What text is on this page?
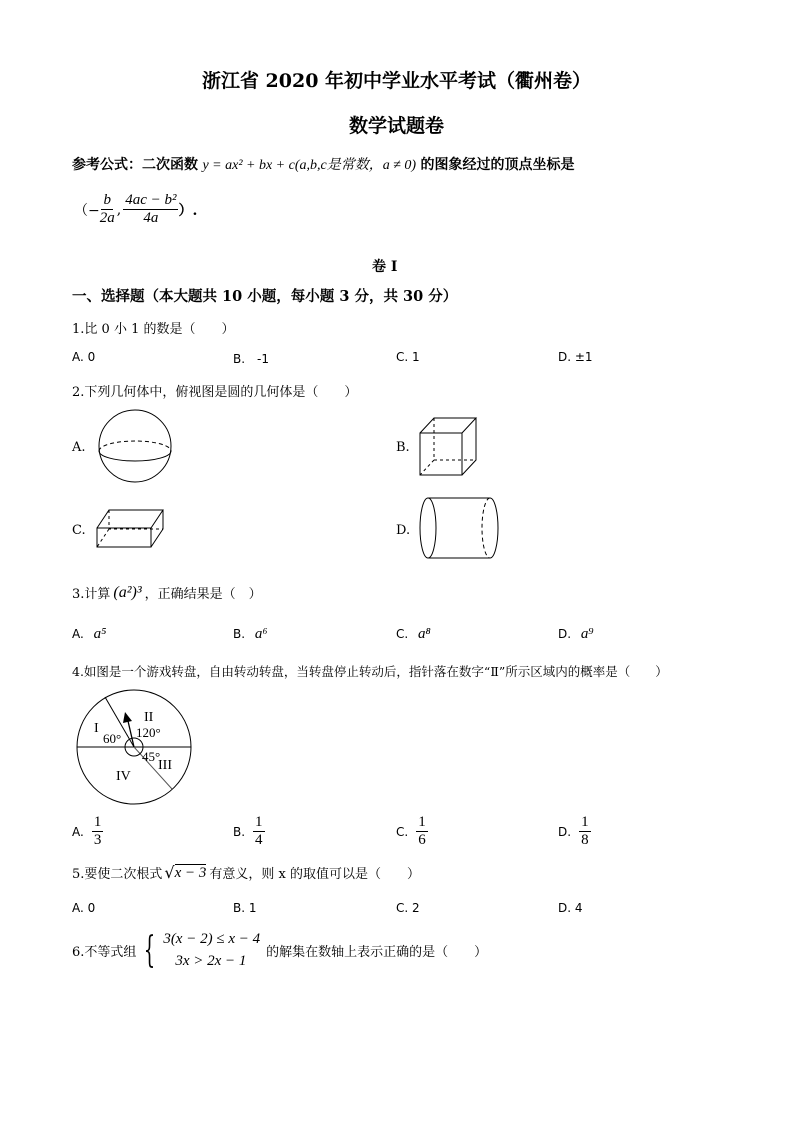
浙江省 2020 年初中学业水平考试（衢州卷）
数学试题卷
参考公式：二次函数 y = ax² + bx + c(a,b,c是常数，a ≠ 0) 的图象经过的顶点坐标是
（− $\frac{b}{2a}$ , $\frac{\text{4ac − b²}}{4a}$ ）.
卷 I
一、选择题（本大题共 10 小题，每小题 3 分，共 30 分）
1.比 0 小 1 的数是（　　）
A. 0	B.　-1	C. 1	D. ±1
2.下列几何体中，俯视图是圆的几何体是（　　）
A.	B.
C.	D.
3.计算 (a²)³ ，正确结果是（　）
A. a⁵	B. a⁶	C. a⁸	D. a⁹
4.如图是一个游戏转盘，自由转动转盘，当转盘停止转动后，指针落在数字“Ⅱ”所示区域内的概率是（　　）
I
II
III
IV
60° 120°
45°
A. $\frac{1}{3}$	B. $\frac{1}{4}$	C. $\frac{1}{6}$	D. $\frac{1}{8}$
5.要使二次根式 √ x − 3 有意义，则 x 的取值可以是（　　）
A. 0	B. 1	C. 2	D. 4
6.不等式组 { 3(x − 2) ≤ x − 4
3x > 2x − 1	的解集在数轴上表示正确的是（　　）
